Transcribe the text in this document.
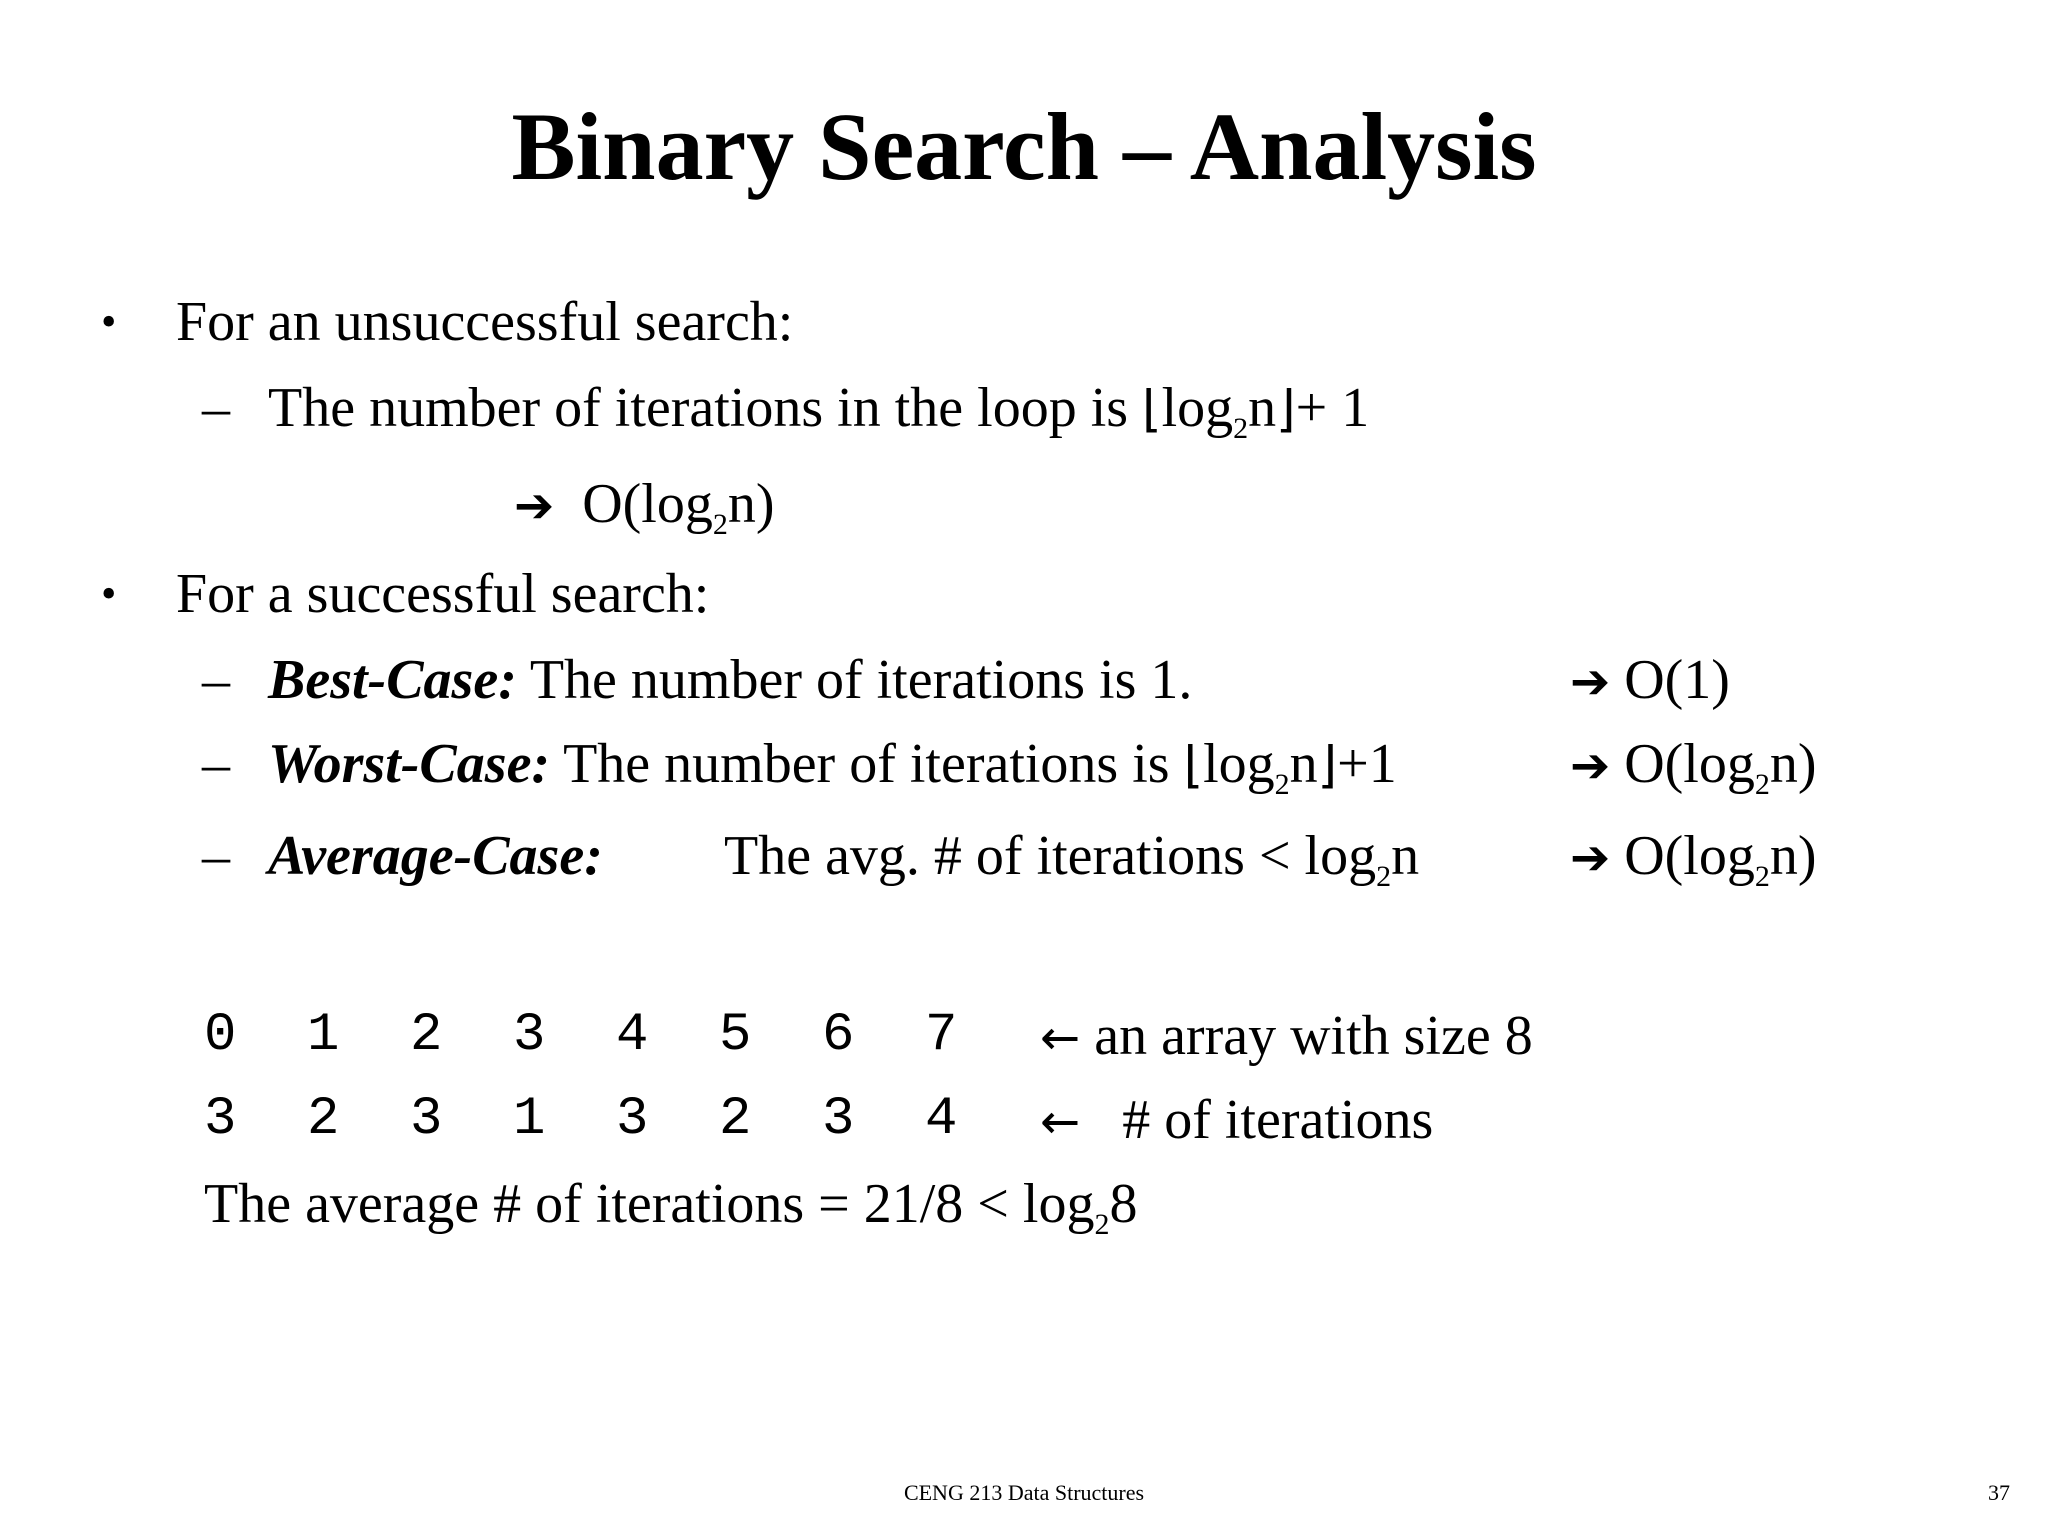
Binary Search – Analysis
• For an unsuccessful search:
– The number of iterations in the loop is $⌊\log_2n⌋+ 1$
➔ $O(\log_2n)$
• For a successful search:
– Best-Case: The number of iterations is 1.	➔ O(1)
– Worst-Case: The number of iterations is $⌊\log_2n⌋+1$	➔ $O(\log_2n)$
– Average-Case: The avg. # of iterations < $\log_2n$	➔ $O(\log_2n)$
0 1 2 3 4 5 6 7	← an array with size 8
3 2 3 1 3 2 3 4	← # of iterations
The average # of iterations = $21/8 < \log_28$
CENG 213 Data Structures	37
